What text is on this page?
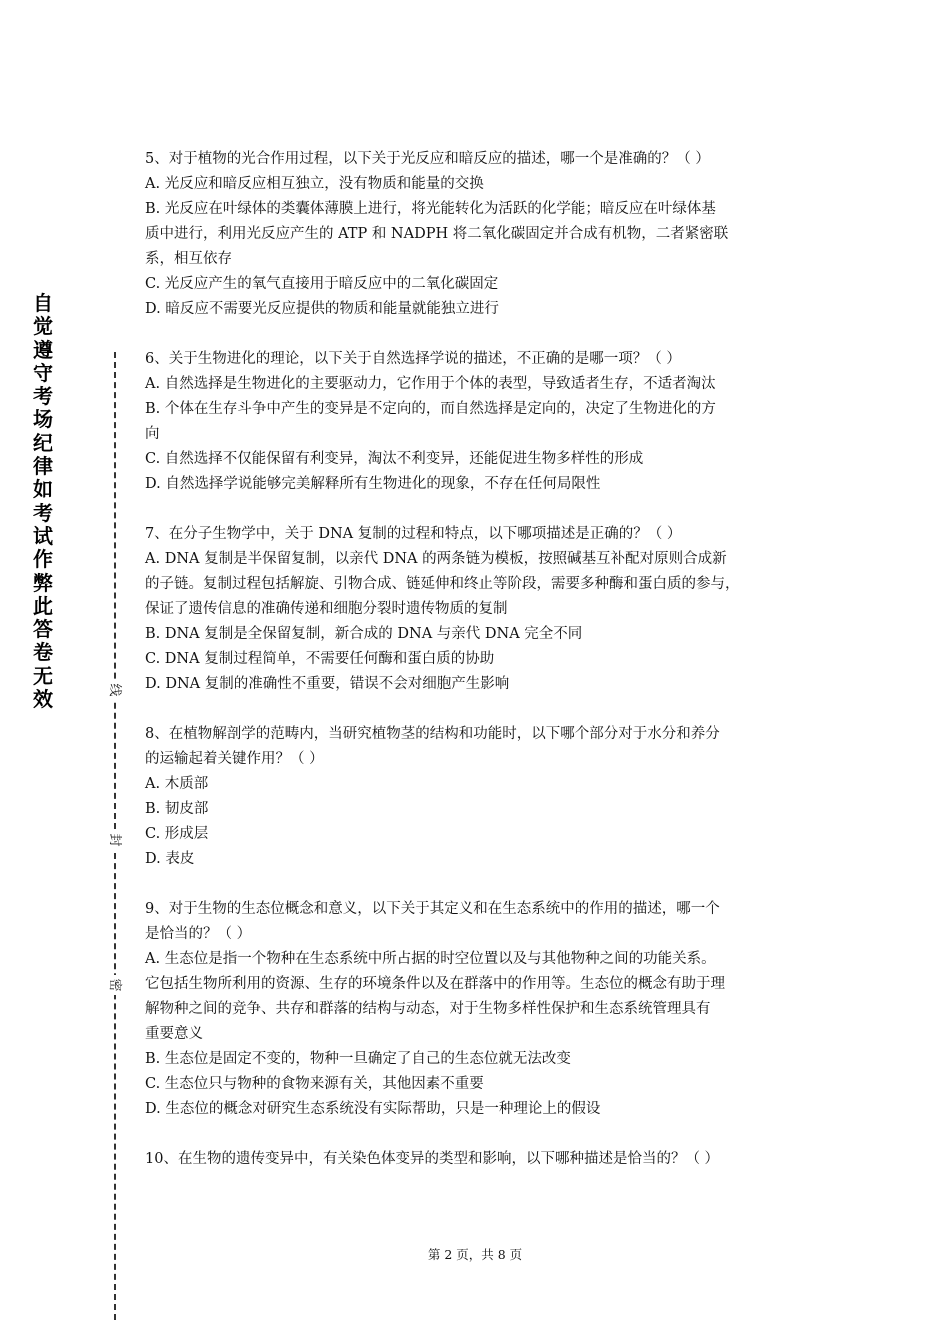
自觉遵守考场纪律如考试作弊此答卷无效	线
封
密
5、对于植物的光合作用过程，以下关于光反应和暗反应的描述，哪一个是准确的？（ ）
A. 光反应和暗反应相互独立，没有物质和能量的交换
B. 光反应在叶绿体的类囊体薄膜上进行，将光能转化为活跃的化学能；暗反应在叶绿体基
质中进行，利用光反应产生的 ATP 和 NADPH 将二氧化碳固定并合成有机物，二者紧密联
系，相互依存
C. 光反应产生的氧气直接用于暗反应中的二氧化碳固定
D. 暗反应不需要光反应提供的物质和能量就能独立进行
6、关于生物进化的理论，以下关于自然选择学说的描述，不正确的是哪一项？（ ）
A. 自然选择是生物进化的主要驱动力，它作用于个体的表型，导致适者生存，不适者淘汰
B. 个体在生存斗争中产生的变异是不定向的，而自然选择是定向的，决定了生物进化的方
向
C. 自然选择不仅能保留有利变异，淘汰不利变异，还能促进生物多样性的形成
D. 自然选择学说能够完美解释所有生物进化的现象，不存在任何局限性
7、在分子生物学中，关于 DNA 复制的过程和特点，以下哪项描述是正确的？（ ）
A. DNA 复制是半保留复制，以亲代 DNA 的两条链为模板，按照碱基互补配对原则合成新
的子链。复制过程包括解旋、引物合成、链延伸和终止等阶段，需要多种酶和蛋白质的参与，
保证了遗传信息的准确传递和细胞分裂时遗传物质的复制
B. DNA 复制是全保留复制，新合成的 DNA 与亲代 DNA 完全不同
C. DNA 复制过程简单，不需要任何酶和蛋白质的协助
D. DNA 复制的准确性不重要，错误不会对细胞产生影响
8、在植物解剖学的范畴内，当研究植物茎的结构和功能时，以下哪个部分对于水分和养分
的运输起着关键作用？（ ）
A. 木质部
B. 韧皮部
C. 形成层
D. 表皮
9、对于生物的生态位概念和意义，以下关于其定义和在生态系统中的作用的描述，哪一个
是恰当的？（ ）
A. 生态位是指一个物种在生态系统中所占据的时空位置以及与其他物种之间的功能关系。
它包括生物所利用的资源、生存的环境条件以及在群落中的作用等。生态位的概念有助于理
解物种之间的竞争、共存和群落的结构与动态，对于生物多样性保护和生态系统管理具有
重要意义
B. 生态位是固定不变的，物种一旦确定了自己的生态位就无法改变
C. 生态位只与物种的食物来源有关，其他因素不重要
D. 生态位的概念对研究生态系统没有实际帮助，只是一种理论上的假设
10、在生物的遗传变异中，有关染色体变异的类型和影响，以下哪种描述是恰当的？（ ）
第 2 页，共 8 页
